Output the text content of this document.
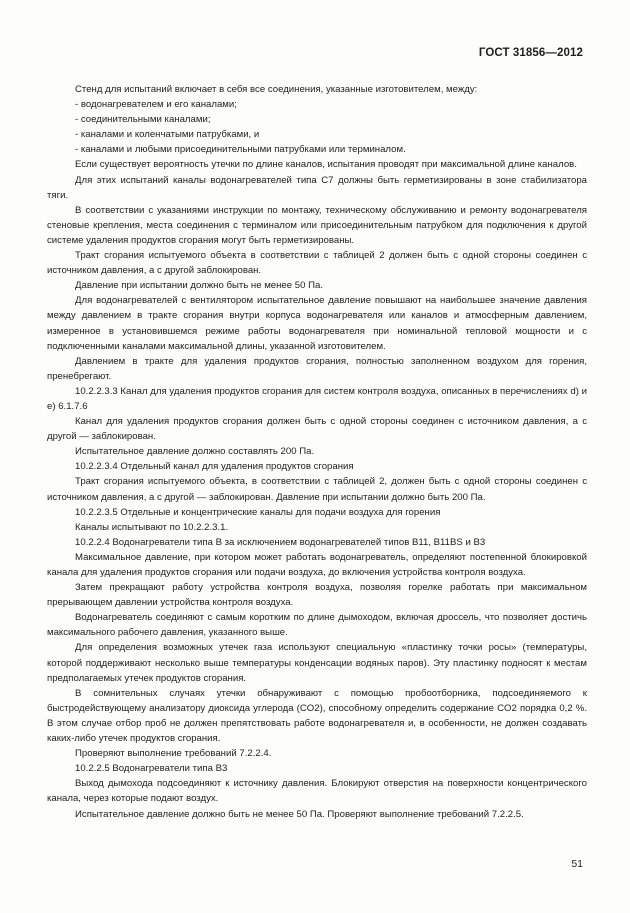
ГОСТ 31856—2012

Стенд для испытаний включает в себя все соединения, указанные изготовителем, между:

- водонагревателем и его каналами;

- соединительными каналами;

- каналами и коленчатыми патрубками, и

- каналами и любыми присоединительными патрубками или терминалом.

Если существует вероятность утечки по длине каналов, испытания проводят при максимальной длине каналов.

Для этих испытаний каналы водонагревателей типа C7 должны быть герметизированы в зоне стабилизатора тяги.

В соответствии с указаниями инструкции по монтажу, техническому обслуживанию и ремонту водонагревателя стеновые крепления, места соединения с терминалом или присоединительным патрубком для подключения к другой системе удаления продуктов сгорания могут быть герметизированы.

Тракт сгорания испытуемого объекта в соответствии с таблицей 2 должен быть с одной стороны соединен с источником давления, а с другой заблокирован.

Давление при испытании должно быть не менее 50 Па.

Для водонагревателей с вентилятором испытательное давление повышают на наибольшее значение давления между давлением в тракте сгорания внутри корпуса водонагревателя или каналов и атмосферным давлением, измеренное в установившемся режиме работы водонагревателя при номинальной тепловой мощности и с подключенными каналами максимальной длины, указанной изготовителем.

Давлением в тракте для удаления продуктов сгорания, полностью заполненном воздухом для горения, пренебрегают.

10.2.2.3.3 Канал для удаления продуктов сгорания для систем контроля воздуха, описанных в перечислениях d) и e) 6.1.7.6

Канал для удаления продуктов сгорания должен быть с одной стороны соединен с источником давления, а с другой — заблокирован.

Испытательное давление должно составлять 200 Па.

10.2.2.3.4 Отдельный канал для удаления продуктов сгорания

Тракт сгорания испытуемого объекта, в соответствии с таблицей 2, должен быть с одной стороны соединен с источником давления, а с другой — заблокирован. Давление при испытании должно быть 200 Па.

10.2.2.3.5 Отдельные и концентрические каналы для подачи воздуха для горения

Каналы испытывают по 10.2.2.3.1.

10.2.2.4 Водонагреватели типа B за исключением водонагревателей типов B11, B11BS и B3

Максимальное давление, при котором может работать водонагреватель, определяют постепенной блокировкой канала для удаления продуктов сгорания или подачи воздуха, до включения устройства контроля воздуха.

Затем прекращают работу устройства контроля воздуха, позволяя горелке работать при максимальном прерывающем давлении устройства контроля воздуха.

Водонагреватель соединяют с самым коротким по длине дымоходом, включая дроссель, что позволяет достичь максимального рабочего давления, указанного выше.

Для определения возможных утечек газа используют специальную «пластинку точки росы» (температуры, которой поддерживают несколько выше температуры конденсации водяных паров). Эту пластинку подносят к местам предполагаемых утечек продуктов сгорания.

В сомнительных случаях утечки обнаруживают с помощью пробоотборника, подсоединяемого к быстродействующему анализатору диоксида углерода (CO2), способному определить содержание CO2 порядка 0,2 %. В этом случае отбор проб не должен препятствовать работе водонагревателя и, в особенности, не должен создавать каких-либо утечек продуктов сгорания.

Проверяют выполнение требований 7.2.2.4.

10.2.2.5 Водонагреватели типа B3

Выход дымохода подсоединяют к источнику давления. Блокируют отверстия на поверхности концентрического канала, через которые подают воздух.

Испытательное давление должно быть не менее 50 Па. Проверяют выполнение требований 7.2.2.5.

51
